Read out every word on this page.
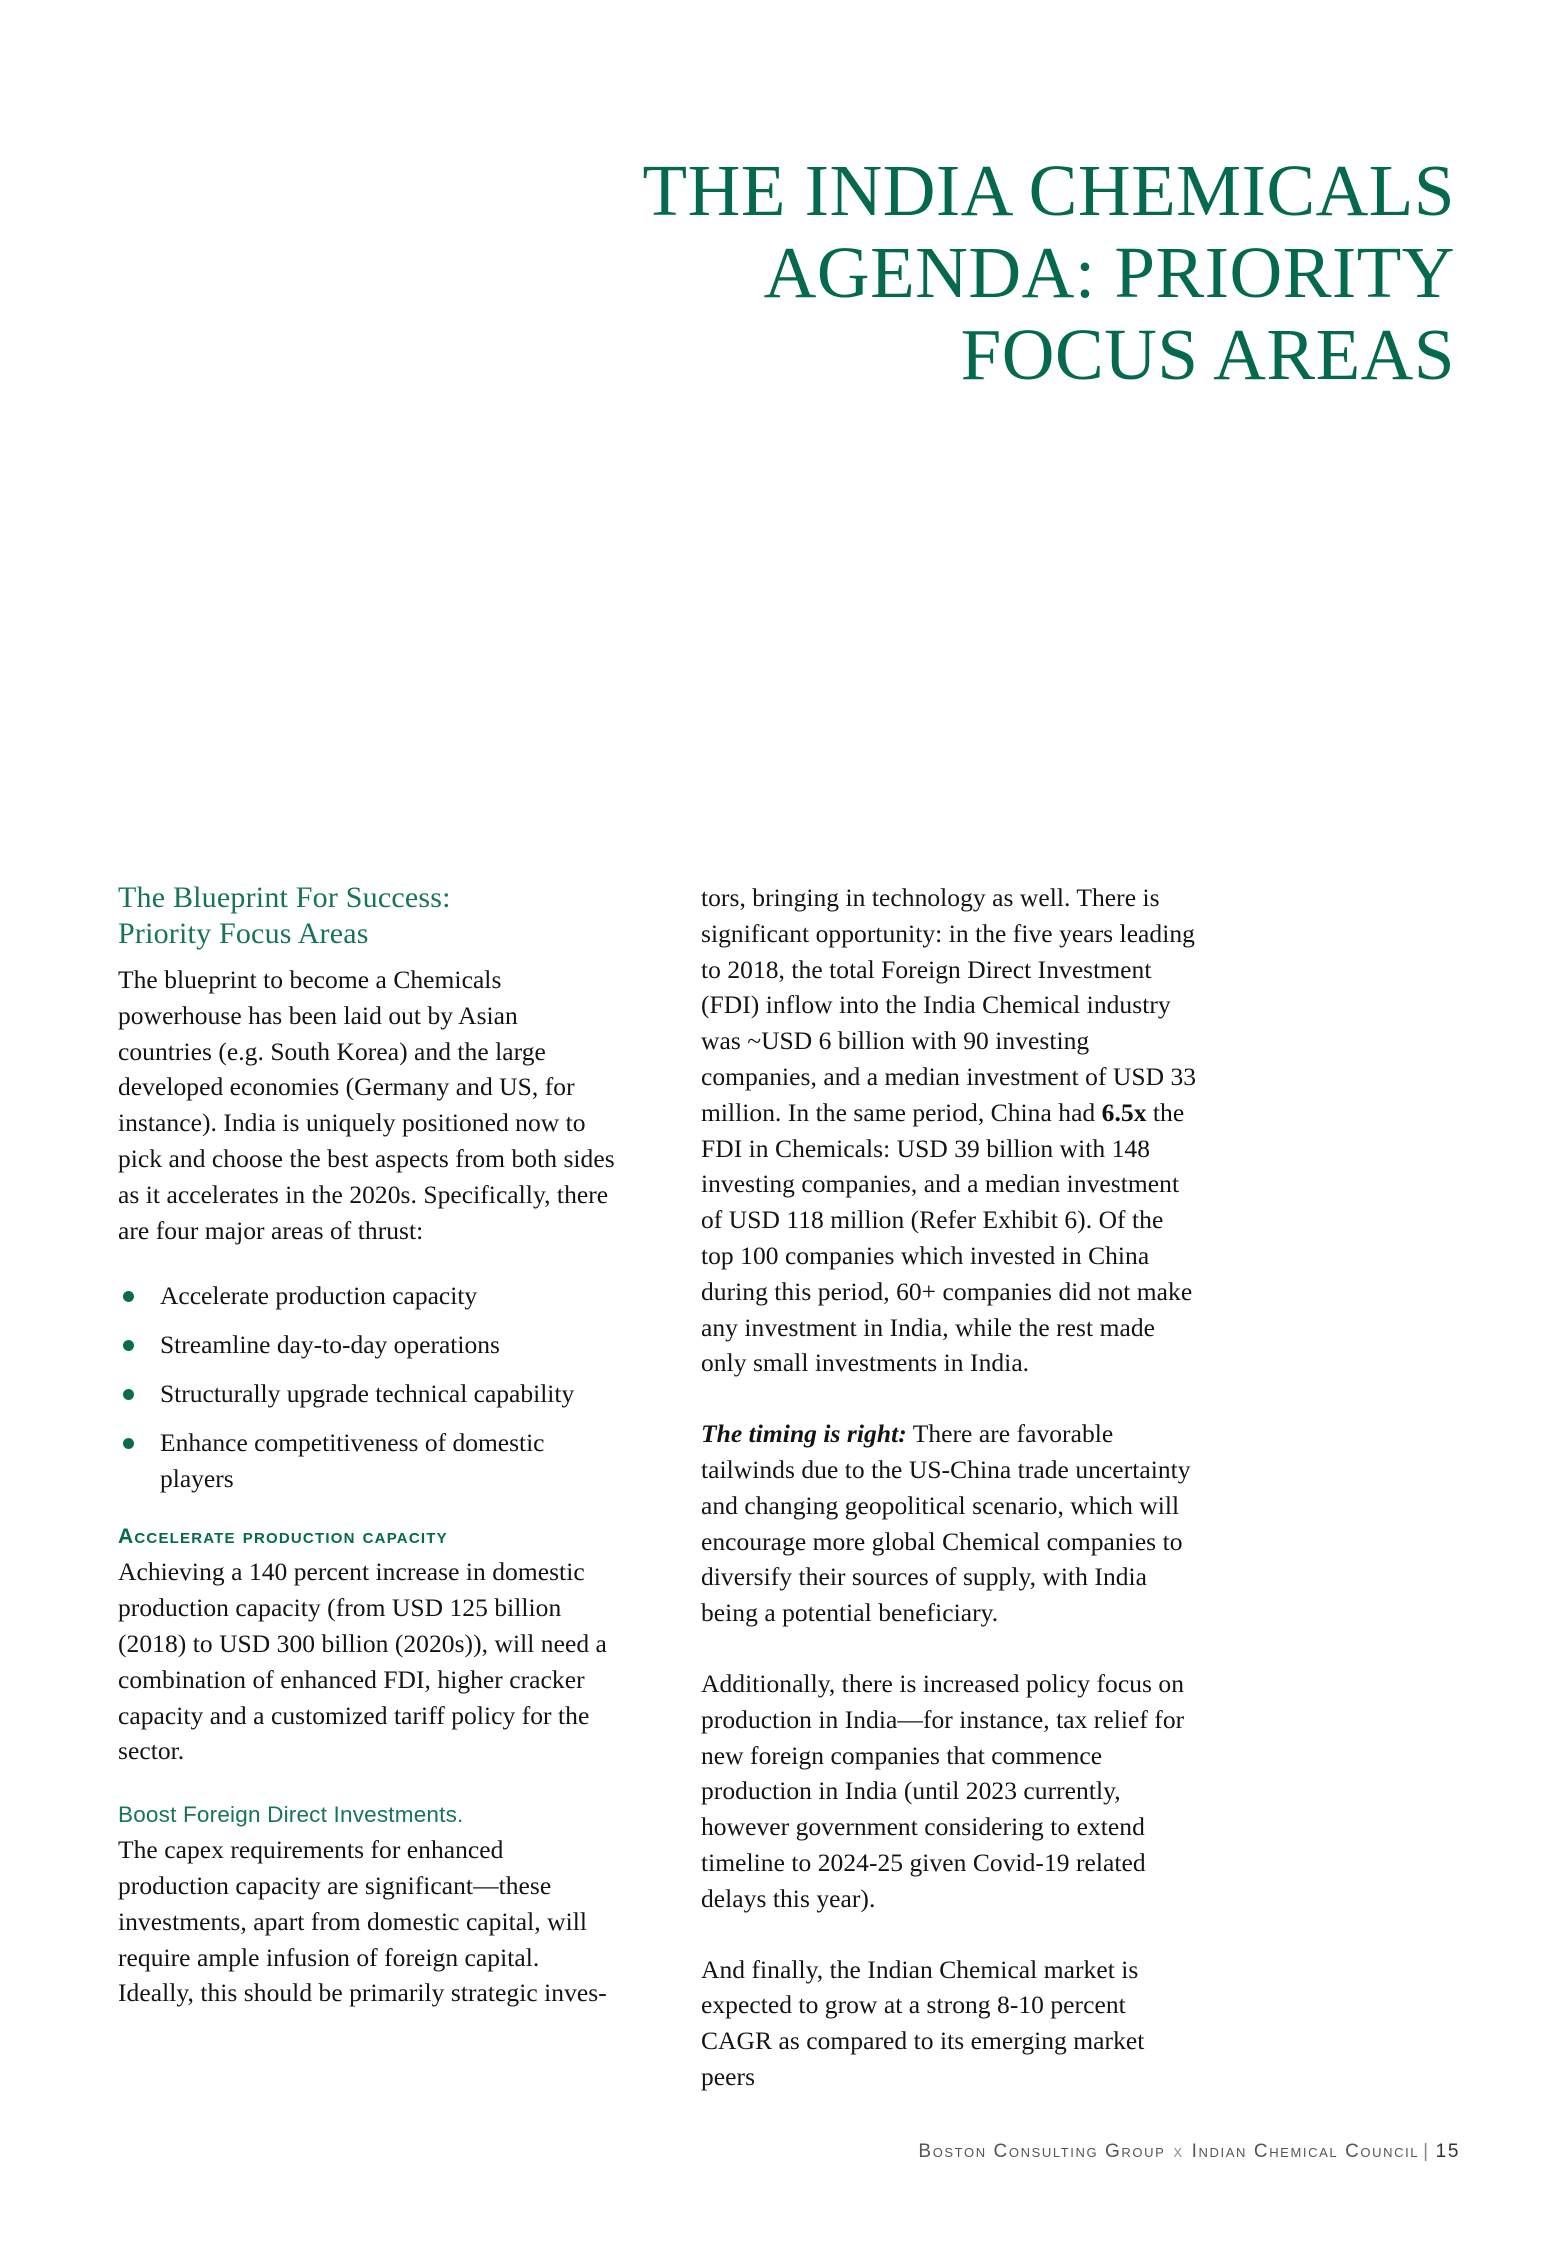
THE INDIA CHEMICALS
AGENDA: PRIORITY
FOCUS AREAS
The Blueprint For Success:
Priority Focus Areas

The blueprint to become a Chemicals powerhouse has been laid out by Asian countries (e.g. South Korea) and the large developed economies (Germany and US, for instance). India is uniquely positioned now to pick and choose the best aspects from both sides as it accelerates in the 2020s. Specifically, there are four major areas of thrust:

Accelerate production capacity
Streamline day-to-day operations
Structurally upgrade technical capability
Enhance competitiveness of domestic players

Accelerate production capacity

Achieving a 140 percent increase in domestic production capacity (from USD 125 billion (2018) to USD 300 billion (2020s)), will need a combination of enhanced FDI, higher cracker capacity and a customized tariff policy for the sector.

Boost Foreign Direct Investments.

The capex requirements for enhanced production capacity are significant—these investments, apart from domestic capital, will require ample infusion of foreign capital. Ideally, this should be primarily strategic inves-

tors, bringing in technology as well. There is significant opportunity: in the five years leading to 2018, the total Foreign Direct Investment (FDI) inflow into the India Chemical industry was ~USD 6 billion with 90 investing companies, and a median investment of USD 33 million. In the same period, China had 6.5x the FDI in Chemicals: USD 39 billion with 148 investing companies, and a median investment of USD 118 million (Refer Exhibit 6). Of the top 100 companies which invested in China during this period, 60+ companies did not make any investment in India, while the rest made only small investments in India.

The timing is right: There are favorable tailwinds due to the US-China trade uncertainty and changing geopolitical scenario, which will encourage more global Chemical companies to diversify their sources of supply, with India being a potential beneficiary.

Additionally, there is increased policy focus on production in India—for instance, tax relief for new foreign companies that commence production in India (until 2023 currently, however government considering to extend timeline to 2024-25 given Covid-19 related delays this year).

And finally, the Indian Chemical market is expected to grow at a strong 8-10 percent CAGR as compared to its emerging market peers

Boston Consulting Group x Indian Chemical Council | 15
